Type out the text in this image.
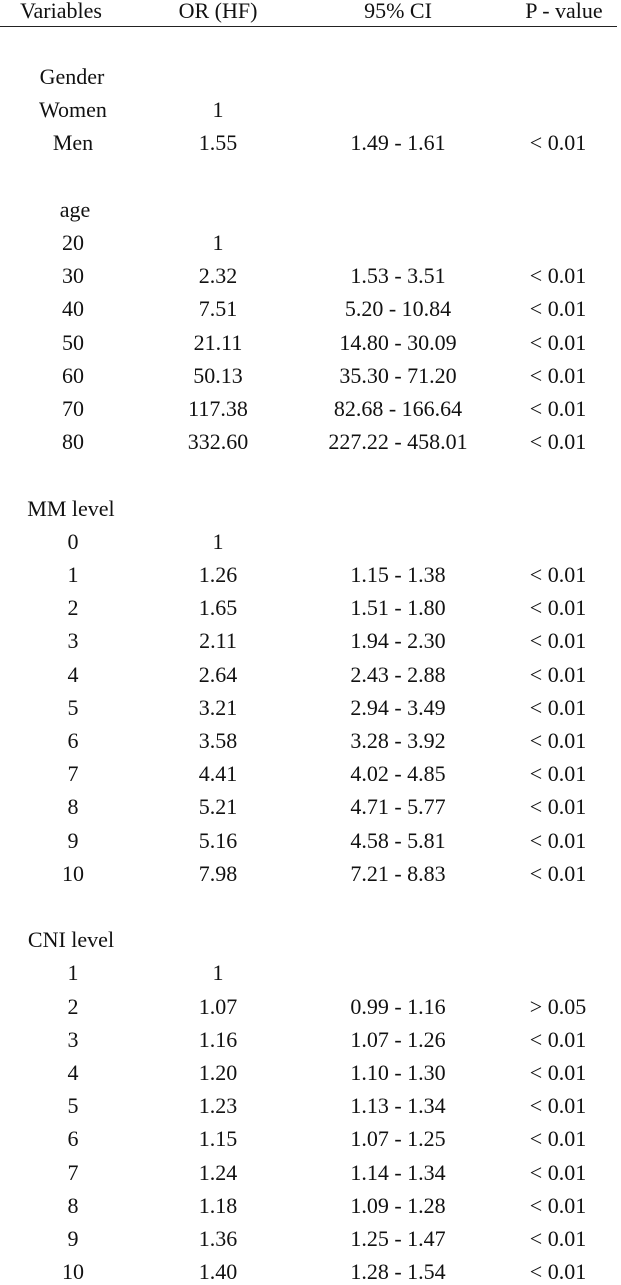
Variables	OR (HF)	95% CI	P - value
Gender
Women	1
Men	1.55	1.49 - 1.61	< 0.01
age
20	1
30	2.32	1.53 - 3.51	< 0.01
40	7.51	5.20 - 10.84	< 0.01
50	21.11	14.80 - 30.09	< 0.01
60	50.13	35.30 - 71.20	< 0.01
70	117.38	82.68 - 166.64	< 0.01
80	332.60	227.22 - 458.01	< 0.01
MM level
0	1
1	1.26	1.15 - 1.38	< 0.01
2	1.65	1.51 - 1.80	< 0.01
3	2.11	1.94 - 2.30	< 0.01
4	2.64	2.43 - 2.88	< 0.01
5	3.21	2.94 - 3.49	< 0.01
6	3.58	3.28 - 3.92	< 0.01
7	4.41	4.02 - 4.85	< 0.01
8	5.21	4.71 - 5.77	< 0.01
9	5.16	4.58 - 5.81	< 0.01
10	7.98	7.21 - 8.83	< 0.01
CNI level
1	1
2	1.07	0.99 - 1.16	> 0.05
3	1.16	1.07 - 1.26	< 0.01
4	1.20	1.10 - 1.30	< 0.01
5	1.23	1.13 - 1.34	< 0.01
6	1.15	1.07 - 1.25	< 0.01
7	1.24	1.14 - 1.34	< 0.01
8	1.18	1.09 - 1.28	< 0.01
9	1.36	1.25 - 1.47	< 0.01
10	1.40	1.28 - 1.54	< 0.01
